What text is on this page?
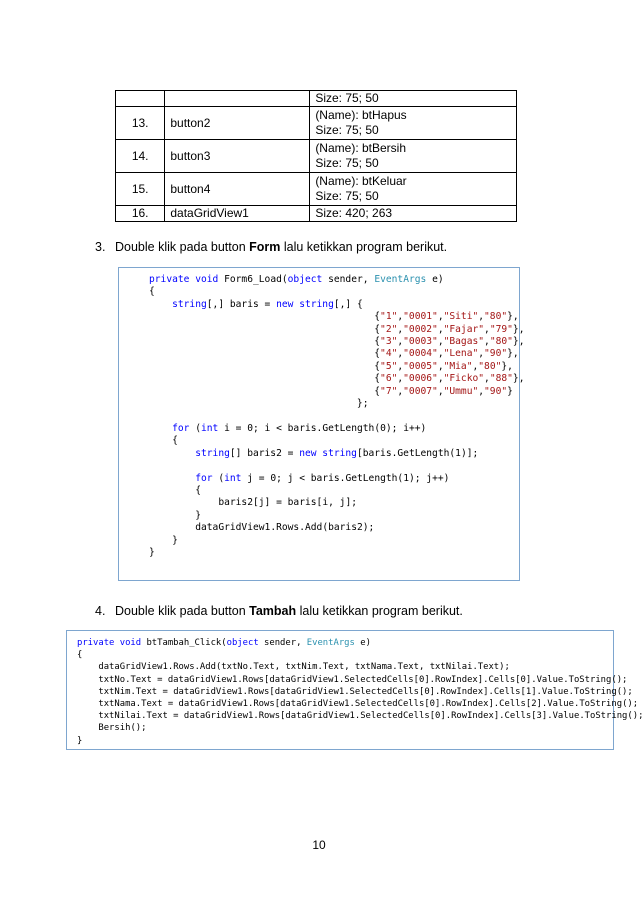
		Size: 75; 50
13.	button2	(Name): btHapus
Size: 75; 50

14.	button3	(Name): btBersih
Size: 75; 50

15.	button4	(Name): btKeluar
Size: 75; 50

16.	dataGridView1	Size: 420; 263
3. Double klik pada button Form lalu ketikkan program berikut.
private void Form6_Load(object sender, EventArgs e)
{
string[,] baris = new string[,] {
{"1","0001","Siti","80"},
{"2","0002","Fajar","79"},
{"3","0003","Bagas","80"},
{"4","0004","Lena","90"},
{"5","0005","Mia","80"},
{"6","0006","Ficko","88"},
{"7","0007","Ummu","90"}
};

for (int i = 0; i < baris.GetLength(0); i++)
{
string[] baris2 = new string[baris.GetLength(1)];

for (int j = 0; j < baris.GetLength(1); j++)
{
baris2[j] = baris[i, j];
}
dataGridView1.Rows.Add(baris2);
}
}
4. Double klik pada button Tambah lalu ketikkan program berikut.
private void btTambah_Click(object sender, EventArgs e)
{
dataGridView1.Rows.Add(txtNo.Text, txtNim.Text, txtNama.Text, txtNilai.Text);
txtNo.Text = dataGridView1.Rows[dataGridView1.SelectedCells[0].RowIndex].Cells[0].Value.ToString();
txtNim.Text = dataGridView1.Rows[dataGridView1.SelectedCells[0].RowIndex].Cells[1].Value.ToString();
txtNama.Text = dataGridView1.Rows[dataGridView1.SelectedCells[0].RowIndex].Cells[2].Value.ToString();
txtNilai.Text = dataGridView1.Rows[dataGridView1.SelectedCells[0].RowIndex].Cells[3].Value.ToString();
Bersih();
}
10
